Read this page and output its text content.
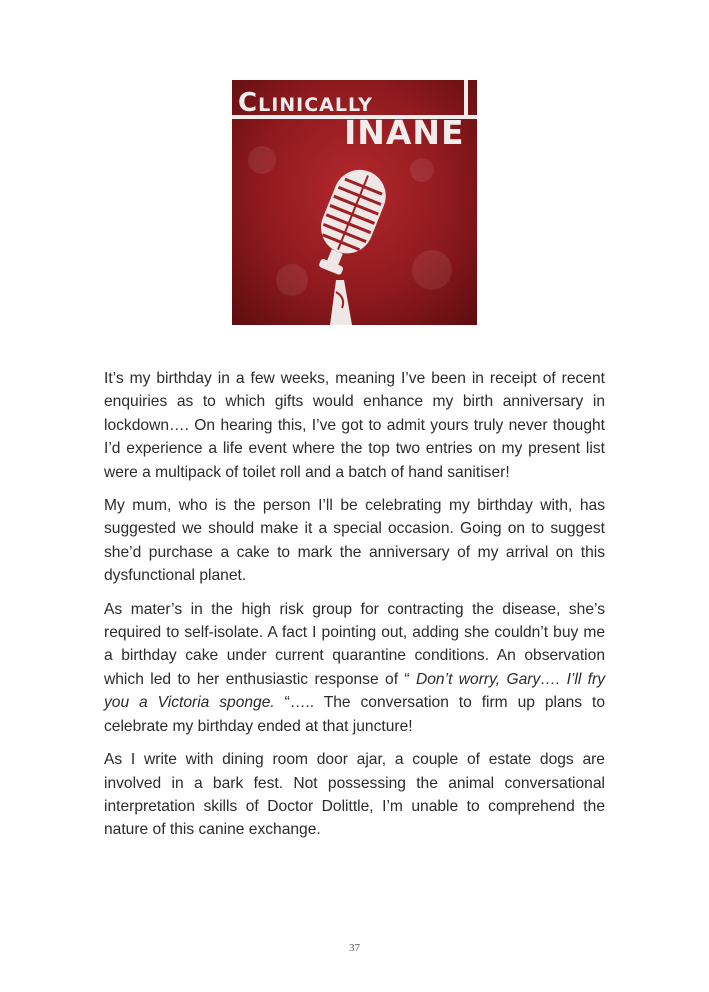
CLINICALLY
INANE

It’s my birthday in a few weeks, meaning I’ve been in receipt of recent enquiries as to which gifts would enhance my birth anniversary in lockdown…. On hearing this, I’ve got to admit yours truly never thought I’d experience a life event where the top two entries on my present list were a multipack of toilet roll and a batch of hand sanitiser!

My mum, who is the person I’ll be celebrating my birthday with, has suggested we should make it a special occasion. Going on to suggest she’d purchase a cake to mark the anniversary of my arrival on this dysfunctional planet.

As mater’s in the high risk group for contracting the disease, she’s required to self-isolate. A fact I pointing out, adding she couldn’t buy me a birthday cake under current quarantine conditions. An observation which led to her enthusiastic response of “ Don’t worry, Gary…. I’ll fry you a Victoria sponge. “….. The conversation to firm up plans to celebrate my birthday ended at that juncture!

As I write with dining room door ajar, a couple of estate dogs are involved in a bark fest. Not possessing the animal conversational interpretation skills of Doctor Dolittle, I’m unable to comprehend the nature of this canine exchange.

37
